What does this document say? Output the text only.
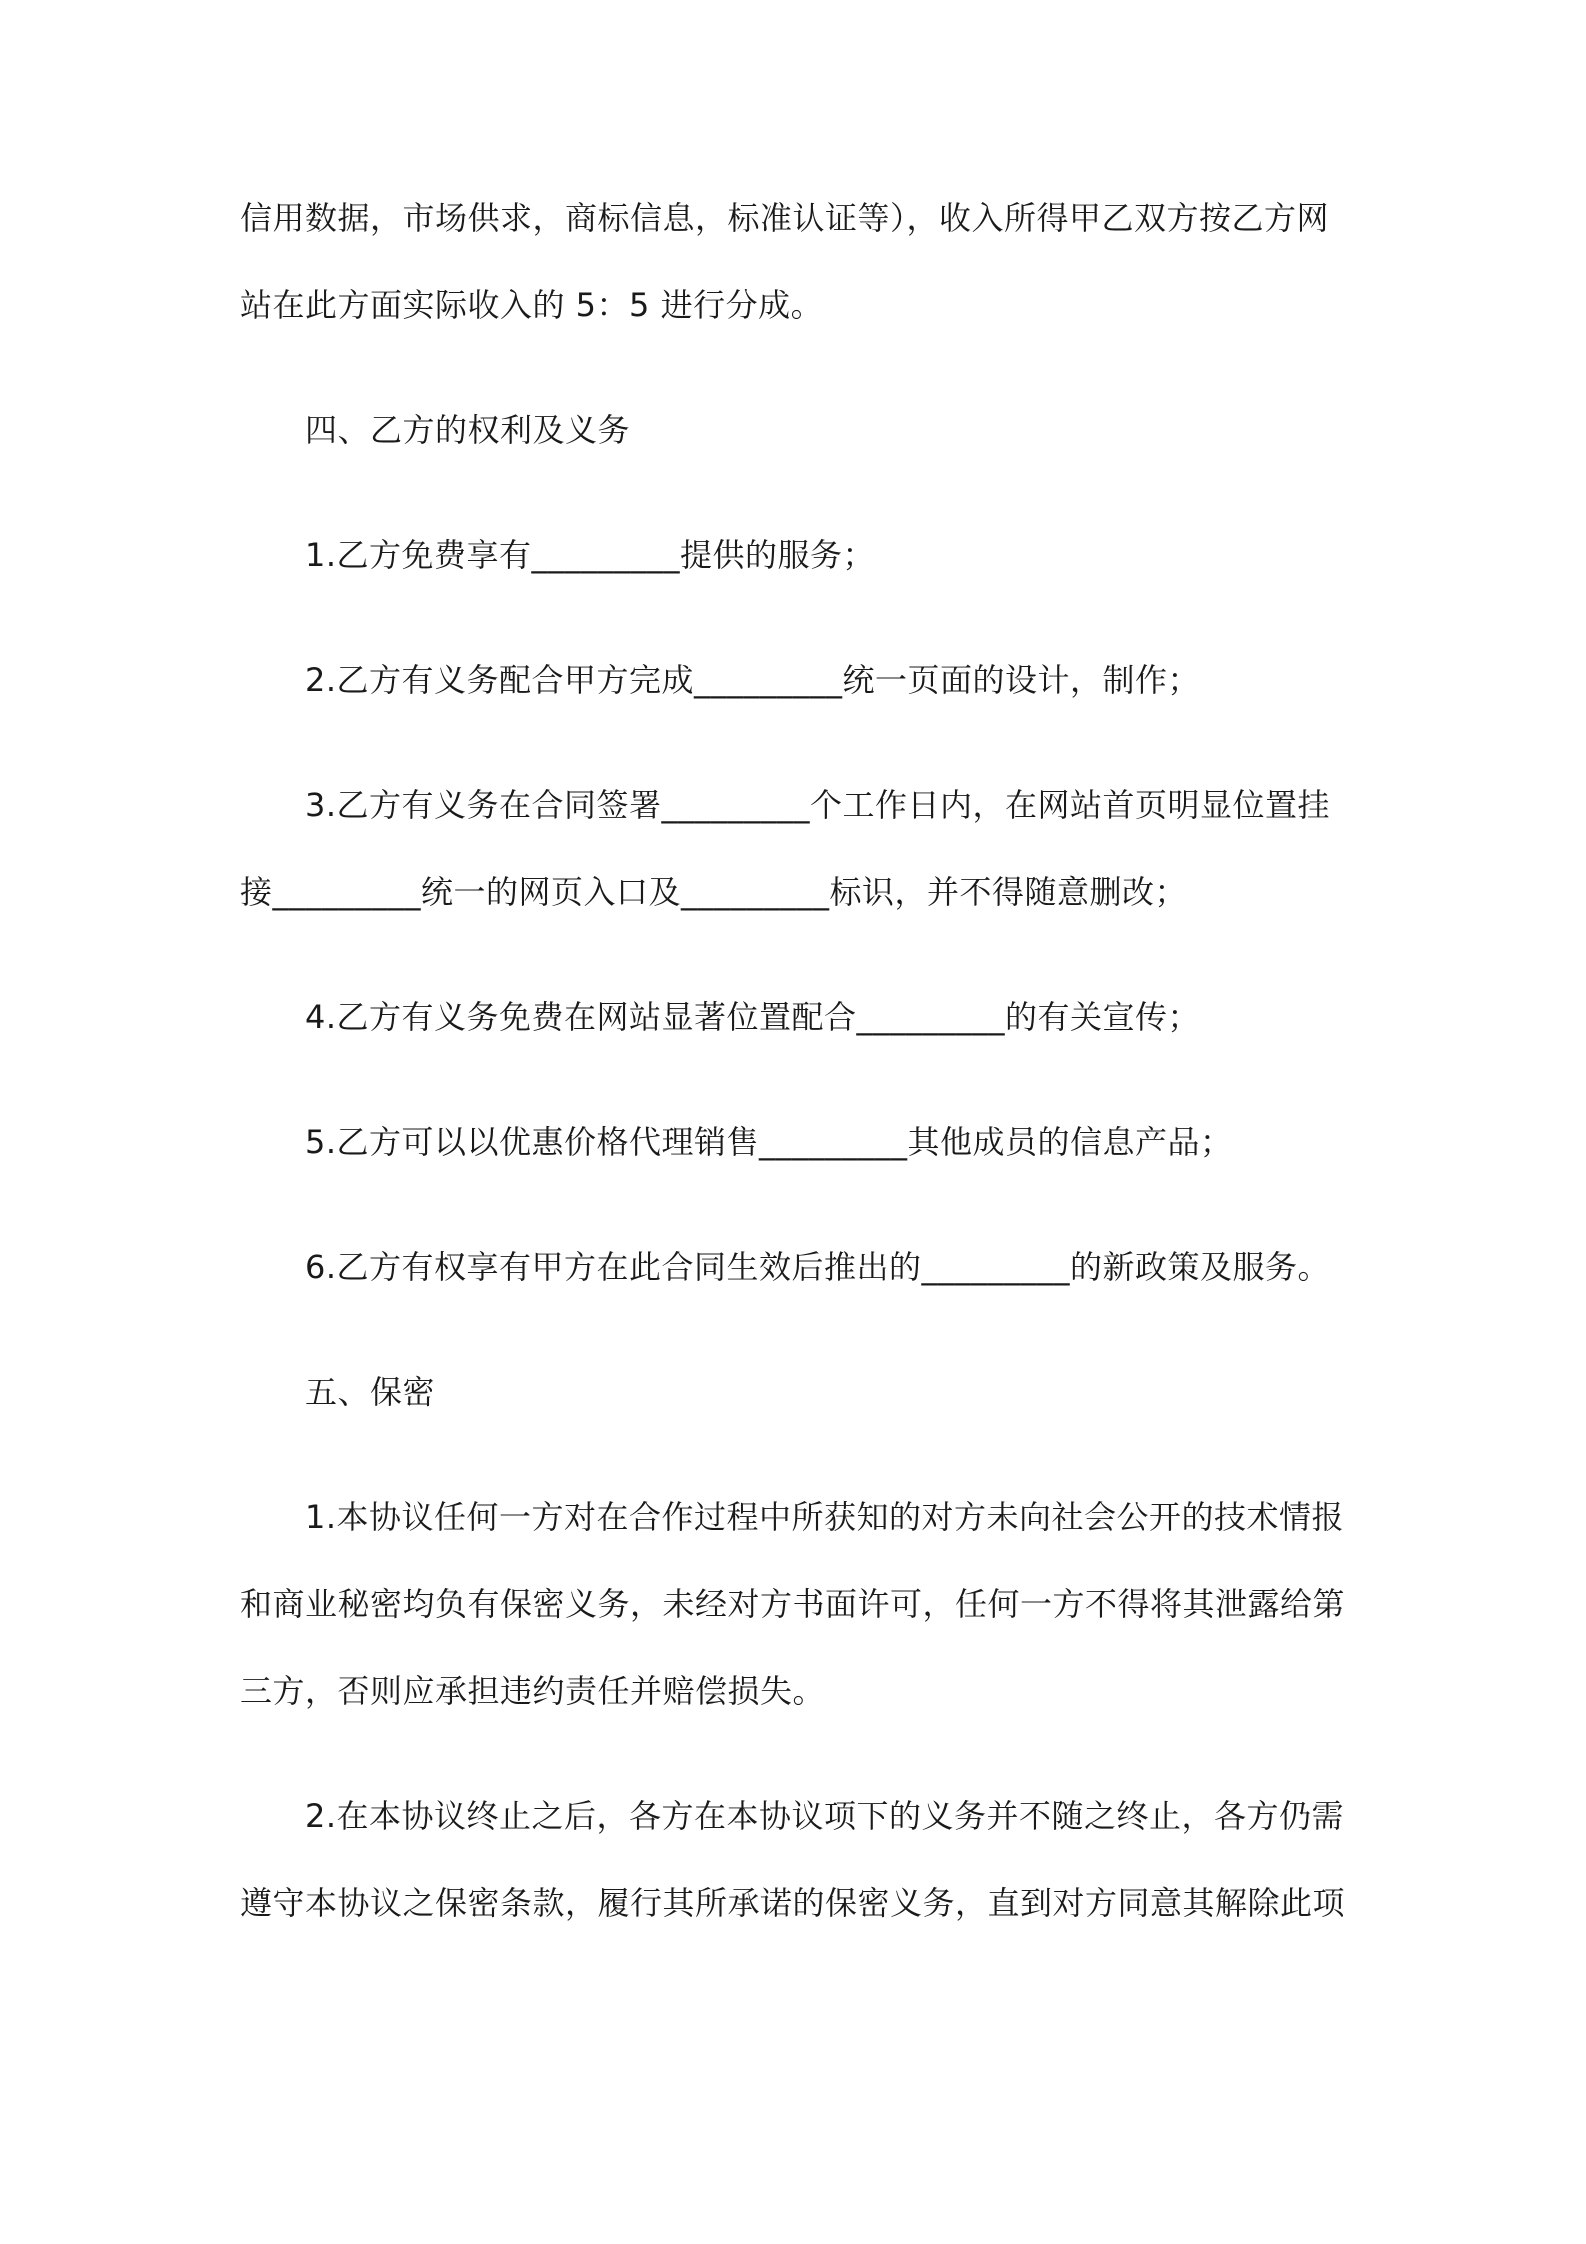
信用数据，市场供求，商标信息，标准认证等），收入所得甲乙双方按乙方网
站在此方面实际收入的 5：5 进行分成。
四、乙方的权利及义务
1.乙方免费享有_________提供的服务；
2.乙方有义务配合甲方完成_________统一页面的设计，制作；
3.乙方有义务在合同签署_________个工作日内，在网站首页明显位置挂
接_________统一的网页入口及_________标识，并不得随意删改；
4.乙方有义务免费在网站显著位置配合_________的有关宣传；
5.乙方可以以优惠价格代理销售_________其他成员的信息产品；
6.乙方有权享有甲方在此合同生效后推出的_________的新政策及服务。
五、保密
1.本协议任何一方对在合作过程中所获知的对方未向社会公开的技术情报
和商业秘密均负有保密义务，未经对方书面许可，任何一方不得将其泄露给第
三方，否则应承担违约责任并赔偿损失。
2.在本协议终止之后，各方在本协议项下的义务并不随之终止，各方仍需
遵守本协议之保密条款，履行其所承诺的保密义务，直到对方同意其解除此项
